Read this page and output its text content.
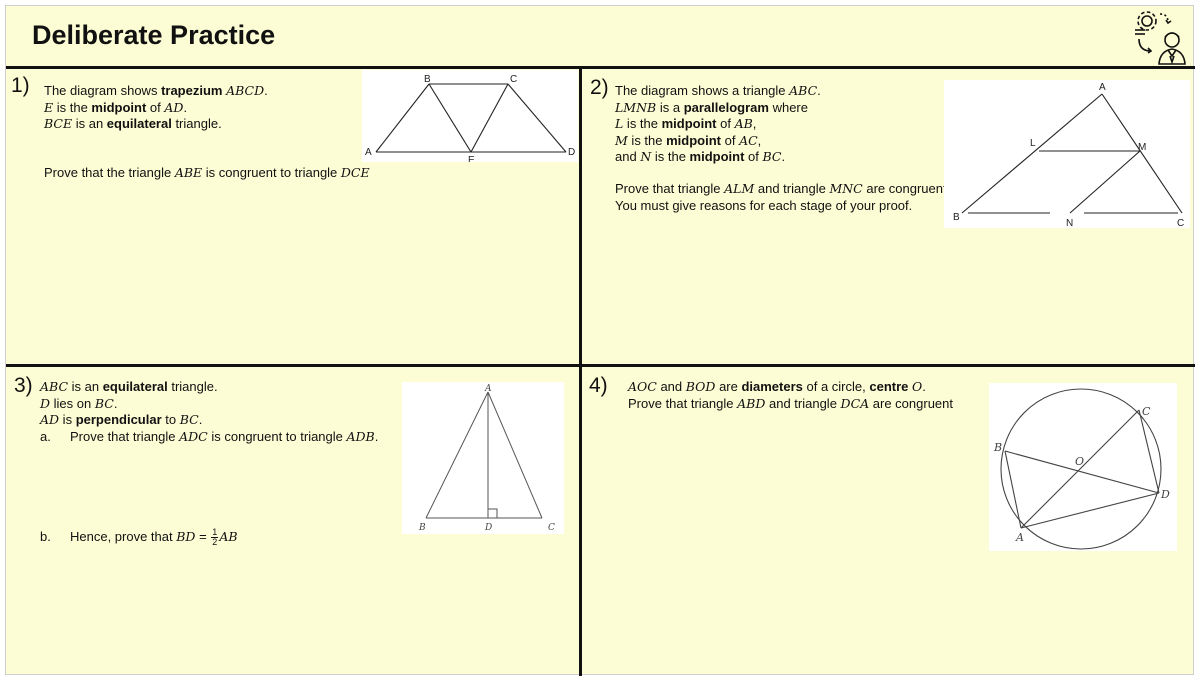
Deliberate Practice
1) The diagram shows trapezium ABCD.
E is the midpoint of AD.
BCE is an equilateral triangle.
Prove that the triangle ABE is congruent to triangle DCE
A
B	C
D
E
2) The diagram shows a triangle ABC.
LMNB is a parallelogram where
L is the midpoint of AB,
M is the midpoint of AC,
and N is the midpoint of BC.
Prove that triangle ALM and triangle MNC are congruent.
You must give reasons for each stage of your proof.
A
L	M
B
N	C
3) ABC is an equilateral triangle.
D lies on BC.
AD is perpendicular to BC.
a. Prove that triangle ADC is congruent to triangle ADB.
b. Hence, prove that BD = $\frac{1}{2}$ AB
A
B	D	C
4) AOC and BOD are diameters of a circle, centre O.
Prove that triangle ABD and triangle DCA are congruent
B
C
O
D
A
